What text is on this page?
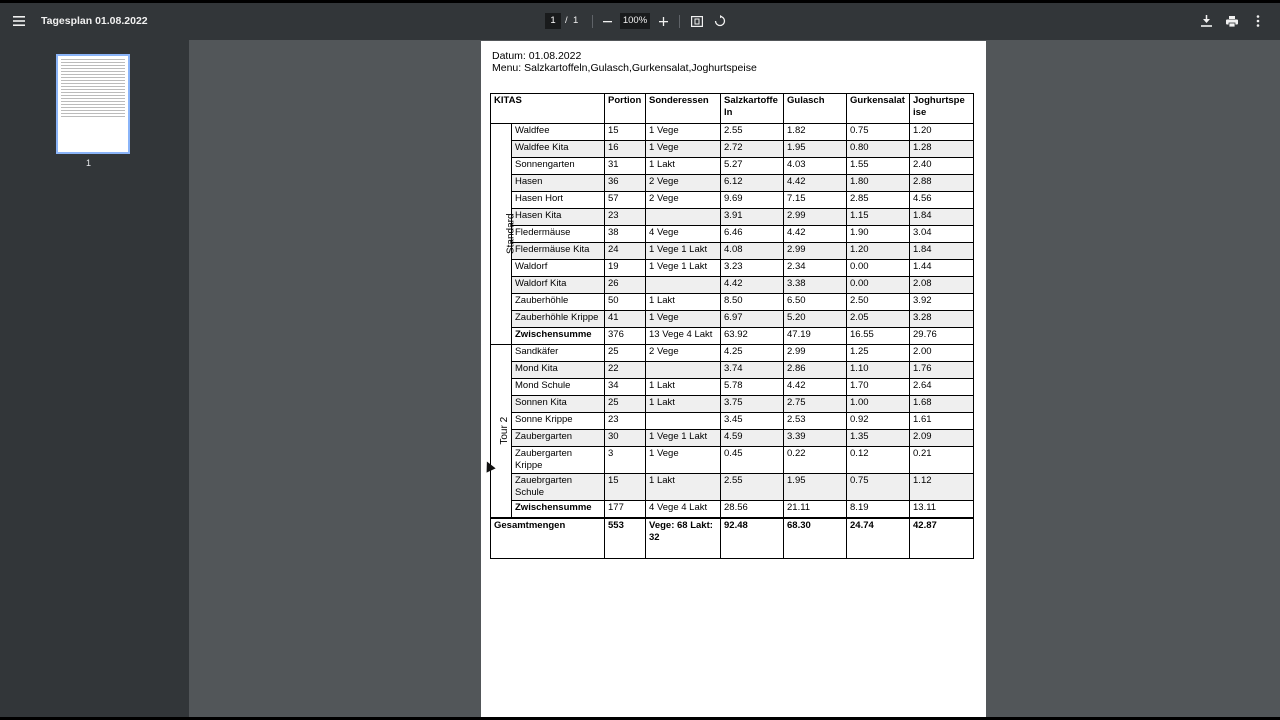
Tagesplan 01.08.2022	1 / 1	100%
1
Datum: 01.08.2022
Menu: Salzkartoffeln,Gulasch,Gurkensalat,Joghurtspeise
KITAS		Portion	Sonderessen	Salzkartoffe ln	Gulasch	Gurkensalat	Joghurtspe ise
Standard	Waldfee	15	1 Vege	2.55	1.82	0.75	1.20
	Waldfee Kita	16	1 Vege	2.72	1.95	0.80	1.28
	Sonnengarten	31	1 Lakt	5.27	4.03	1.55	2.40
	Hasen	36	2 Vege	6.12	4.42	1.80	2.88
	Hasen Hort	57	2 Vege	9.69	7.15	2.85	4.56
	Hasen Kita	23		3.91	2.99	1.15	1.84
	Fledermäuse	38	4 Vege	6.46	4.42	1.90	3.04
	Fledermäuse Kita	24	1 Vege 1 Lakt	4.08	2.99	1.20	1.84
	Waldorf	19	1 Vege 1 Lakt	3.23	2.34	0.00	1.44
	Waldorf Kita	26		4.42	3.38	0.00	2.08
	Zauberhöhle	50	1 Lakt	8.50	6.50	2.50	3.92
	Zauberhöhle Krippe	41	1 Vege	6.97	5.20	2.05	3.28
	Zwischensumme	376	13 Vege 4 Lakt	63.92	47.19	16.55	29.76
Tour 2	Sandkäfer	25	2 Vege	4.25	2.99	1.25	2.00
	Mond Kita	22		3.74	2.86	1.10	1.76
	Mond Schule	34	1 Lakt	5.78	4.42	1.70	2.64
	Sonnen Kita	25	1 Lakt	3.75	2.75	1.00	1.68
	Sonne Krippe	23		3.45	2.53	0.92	1.61
	Zaubergarten	30	1 Vege 1 Lakt	4.59	3.39	1.35	2.09
	Zaubergarten Krippe	3	1 Vege	0.45	0.22	0.12	0.21
	Zauebrgarten Schule	15	1 Lakt	2.55	1.95	0.75	1.12
	Zwischensumme	177	4 Vege 4 Lakt	28.56	21.11	8.19	13.11
Gesamtmengen		553	Vege: 68 Lakt: 32	92.48	68.30	24.74	42.87
